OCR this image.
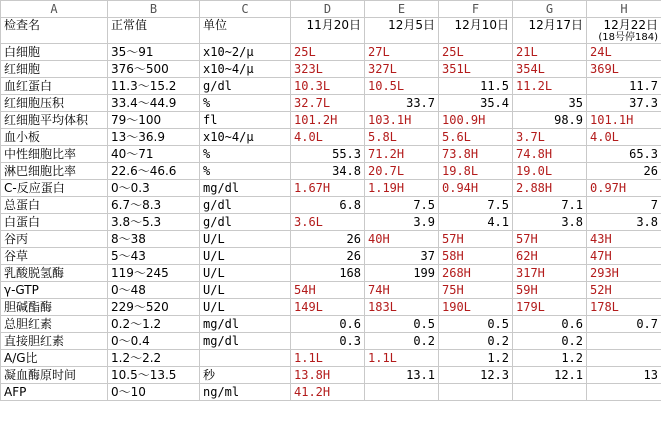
A	B	C	D	E	F	G	H
检查名	正常值	单位	11月20日	12月5日	12月10日	12月17日	12月22日
(18号停184)

白细胞	35～91	x10~2/μ	25L	27L	25L	21L	24L
红细胞	376～500	x10~4/μ	323L	327L	351L	354L	369L
血红蛋白	11.3～15.2	g/dl	10.3L	10.5L	11.5	11.2L	11.7
红细胞压积	33.4～44.9	%	32.7L	33.7	35.4	35	37.3
红细胞平均体积	79～100	fl	101.2H	103.1H	100.9H	98.9	101.1H
血小板	13～36.9	x10~4/μ	4.0L	5.8L	5.6L	3.7L	4.0L
中性细胞比率	40～71	%	55.3	71.2H	73.8H	74.8H	65.3
淋巴细胞比率	22.6～46.6	%	34.8	20.7L	19.8L	19.0L	26
C-反应蛋白	0～0.3	mg/dl	1.67H	1.19H	0.94H	2.88H	0.97H
总蛋白	6.7～8.3	g/dl	6.8	7.5	7.5	7.1	7
白蛋白	3.8～5.3	g/dl	3.6L	3.9	4.1	3.8	3.8
谷丙	8～38	U/L	26	40H	57H	57H	43H
谷草	5～43	U/L	26	37	58H	62H	47H
乳酸脱氢酶	119～245	U/L	168	199	268H	317H	293H
γ-GTP	0～48	U/L	54H	74H	75H	59H	52H
胆碱酯酶	229～520	U/L	149L	183L	190L	179L	178L
总胆红素	0.2～1.2	mg/dl	0.6	0.5	0.5	0.6	0.7
直接胆红素	0～0.4	mg/dl	0.3	0.2	0.2	0.2	
A/G比	1.2～2.2		1.1L	1.1L	1.2	1.2	
凝血酶原时间	10.5～13.5	秒	13.8H	13.1	12.3	12.1	13
AFP	0～10	ng/ml	41.2H				
